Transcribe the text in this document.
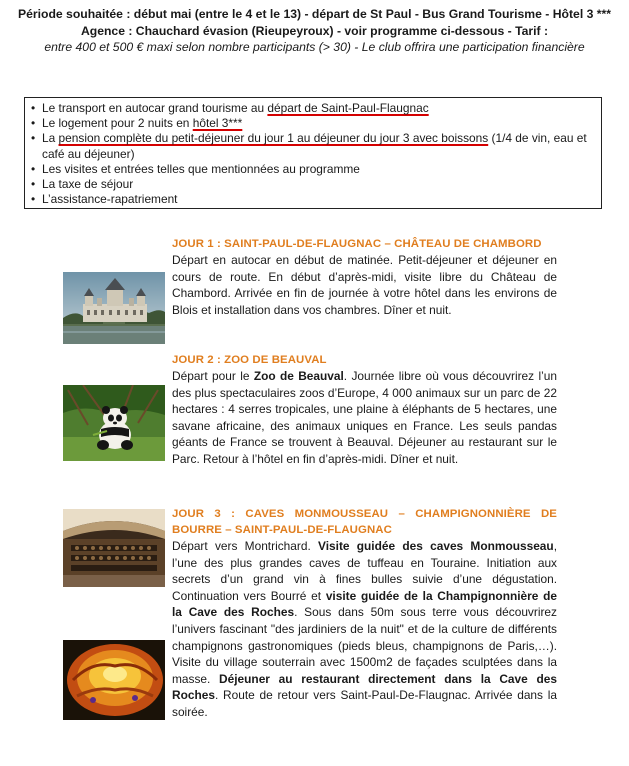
Période souhaitée : début mai (entre le 4 et le 13) - départ de St Paul - Bus Grand Tourisme - Hôtel 3 ***
Agence : Chauchard évasion (Rieupeyroux) - voir programme ci-dessous - Tarif :
entre 400 et 500 € maxi selon nombre participants (> 30) - Le club offrira une participation financière
• Le transport en autocar grand tourisme au départ de Saint-Paul-Flaugnac
• Le logement pour 2 nuits en hôtel 3***
• La pension complète du petit-déjeuner du jour 1 au déjeuner du jour 3 avec boissons (1/4 de vin, eau et café au déjeuner)
• Les visites et entrées telles que mentionnées au programme
• La taxe de séjour
• L’assistance-rapatriement
JOUR 1 : SAINT-PAUL-DE-FLAUGNAC – CHÂTEAU DE CHAMBORD

Départ en autocar en début de matinée. Petit-déjeuner et déjeuner en cours de route. En début d’après-midi, visite libre du Château de Chambord. Arrivée en fin de journée à votre hôtel dans les environs de Blois et installation dans vos chambres. Dîner et nuit.

JOUR 2 : ZOO DE BEAUVAL

Départ pour le Zoo de Beauval. Journée libre où vous découvrirez l’un des plus spectaculaires zoos d’Europe, 4 000 animaux sur un parc de 22 hectares : 4 serres tropicales, une plaine à éléphants de 5 hectares, une savane africaine, des animaux uniques en France. Les seuls pandas géants de France se trouvent à Beauval. Déjeuner au restaurant sur le Parc. Retour à l’hôtel en fin d’après-midi. Dîner et nuit.

JOUR 3 : CAVES MONMOUSSEAU – CHAMPIGNONNIÈRE DE BOURRE – SAINT-PAUL-DE-FLAUGNAC

Départ vers Montrichard. Visite guidée des caves Monmousseau, l’une des plus grandes caves de tuffeau en Touraine. Initiation aux secrets d’un grand vin à fines bulles suivie d’une dégustation. Continuation vers Bourré et visite guidée de la Champignonnière de la Cave des Roches. Sous dans 50m sous terre vous découvrirez l’univers fascinant "des jardiniers de la nuit" et de la culture de différents champignons gastronomiques (pieds bleus, champignons de Paris,…). Visite du village souterrain avec 1500m2 de façades sculptées dans la masse. Déjeuner au restaurant directement dans la Cave des Roches. Route de retour vers Saint-Paul-De-Flaugnac. Arrivée dans la soirée.
